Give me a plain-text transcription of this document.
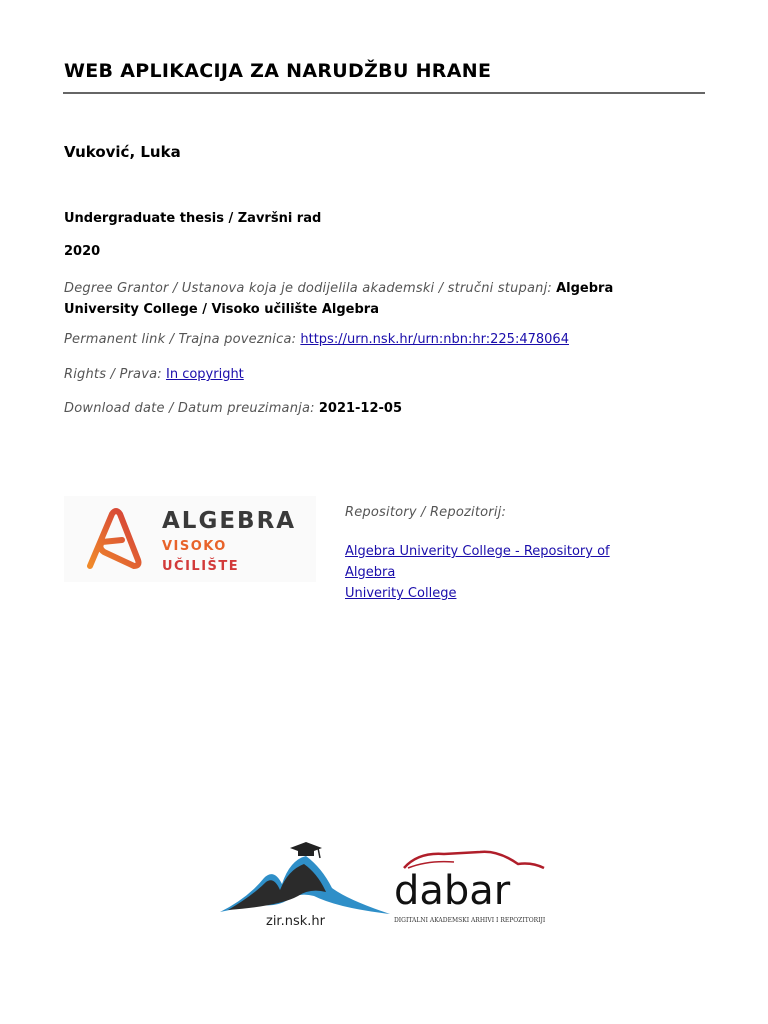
WEB APLIKACIJA ZA NARUDŽBU HRANE
Vuković, Luka
Undergraduate thesis / Završni rad
2020
Degree Grantor / Ustanova koja je dodijelila akademski / stručni stupanj: Algebra
University College / Visoko učilište Algebra
Permanent link / Trajna poveznica: https://urn.nsk.hr/urn:nbn:hr:225:478064
Rights / Prava: In copyright
Download date / Datum preuzimanja: 2021-12-05
ALGEBRA
VISOKO
UČILIŠTE
Repository / Repozitorij:
Algebra Univerity College - Repository of Algebra
Univerity College
zir.nsk.hr
dabar
DIGITALNI AKADEMSKI ARHIVI I REPOZITORIJI
